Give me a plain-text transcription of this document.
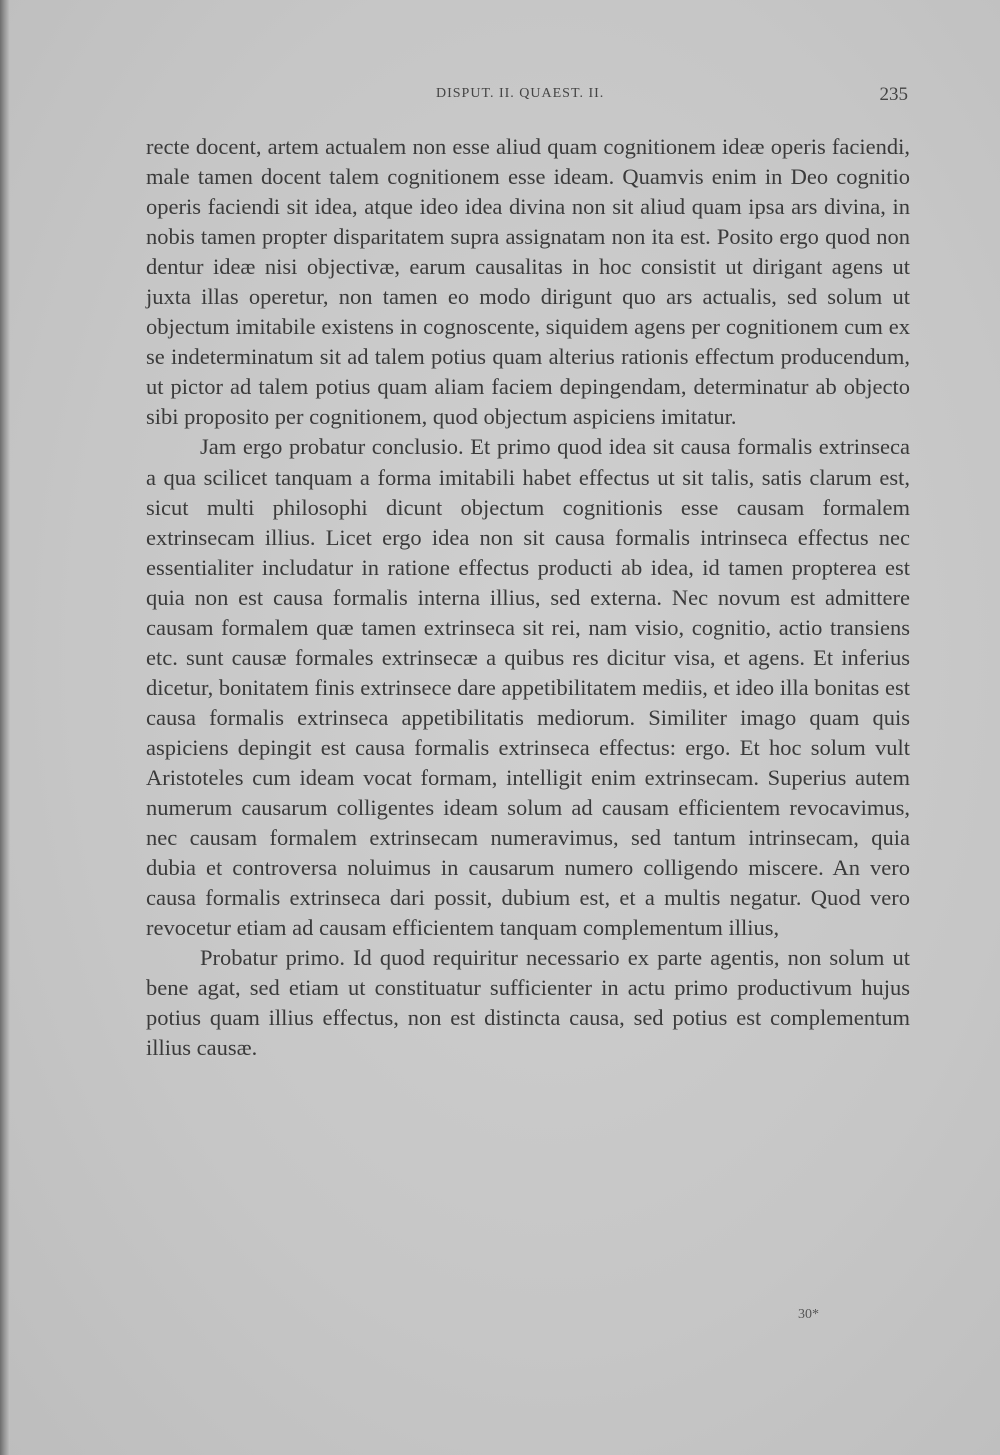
DISPUT. II. QUAEST. II.	235

recte docent, artem actualem non esse aliud quam cognitionem ideæ operis faciendi, male tamen docent talem cognitionem esse ideam. Quamvis enim in Deo cognitio operis faciendi sit idea, atque ideo idea divina non sit aliud quam ipsa ars divina, in nobis tamen propter disparitatem supra assignatam non ita est. Posito ergo quod non dentur ideæ nisi objectivæ, earum causalitas in hoc consistit ut dirigant agens ut juxta illas operetur, non tamen eo modo dirigunt quo ars actualis, sed solum ut objectum imitabile existens in cognoscente, siquidem agens per cognitionem cum ex se indeterminatum sit ad talem potius quam alterius rationis effectum producendum, ut pictor ad talem potius quam aliam faciem depingendam, determinatur ab objecto sibi proposito per cognitionem, quod objectum aspiciens imitatur.

Jam ergo probatur conclusio. Et primo quod idea sit causa formalis extrinseca a qua scilicet tanquam a forma imitabili habet effectus ut sit talis, satis clarum est, sicut multi philosophi dicunt objectum cognitionis esse causam formalem extrinsecam illius. Licet ergo idea non sit causa formalis intrinseca effectus nec essentialiter includatur in ratione effectus producti ab idea, id tamen propterea est quia non est causa formalis interna illius, sed externa. Nec novum est admittere causam formalem quæ tamen extrinseca sit rei, nam visio, cognitio, actio transiens etc. sunt causæ formales extrinsecæ a quibus res dicitur visa, et agens. Et inferius dicetur, bonitatem finis extrinsece dare appetibilitatem mediis, et ideo illa bonitas est causa formalis extrinseca appetibilitatis mediorum. Similiter imago quam quis aspiciens depingit est causa formalis extrinseca effectus: ergo. Et hoc solum vult Aristoteles cum ideam vocat formam, intelligit enim extrinsecam. Superius autem numerum causarum colligentes ideam solum ad causam efficientem revocavimus, nec causam formalem extrinsecam numeravimus, sed tantum intrinsecam, quia dubia et controversa noluimus in causarum numero colligendo miscere. An vero causa formalis extrinseca dari possit, dubium est, et a multis negatur. Quod vero revocetur etiam ad causam efficientem tanquam complementum illius,

Probatur primo. Id quod requiritur necessario ex parte agentis, non solum ut bene agat, sed etiam ut constituatur sufficienter in actu primo productivum hujus potius quam illius effectus, non est distincta causa, sed potius est complementum illius causæ.

30*
